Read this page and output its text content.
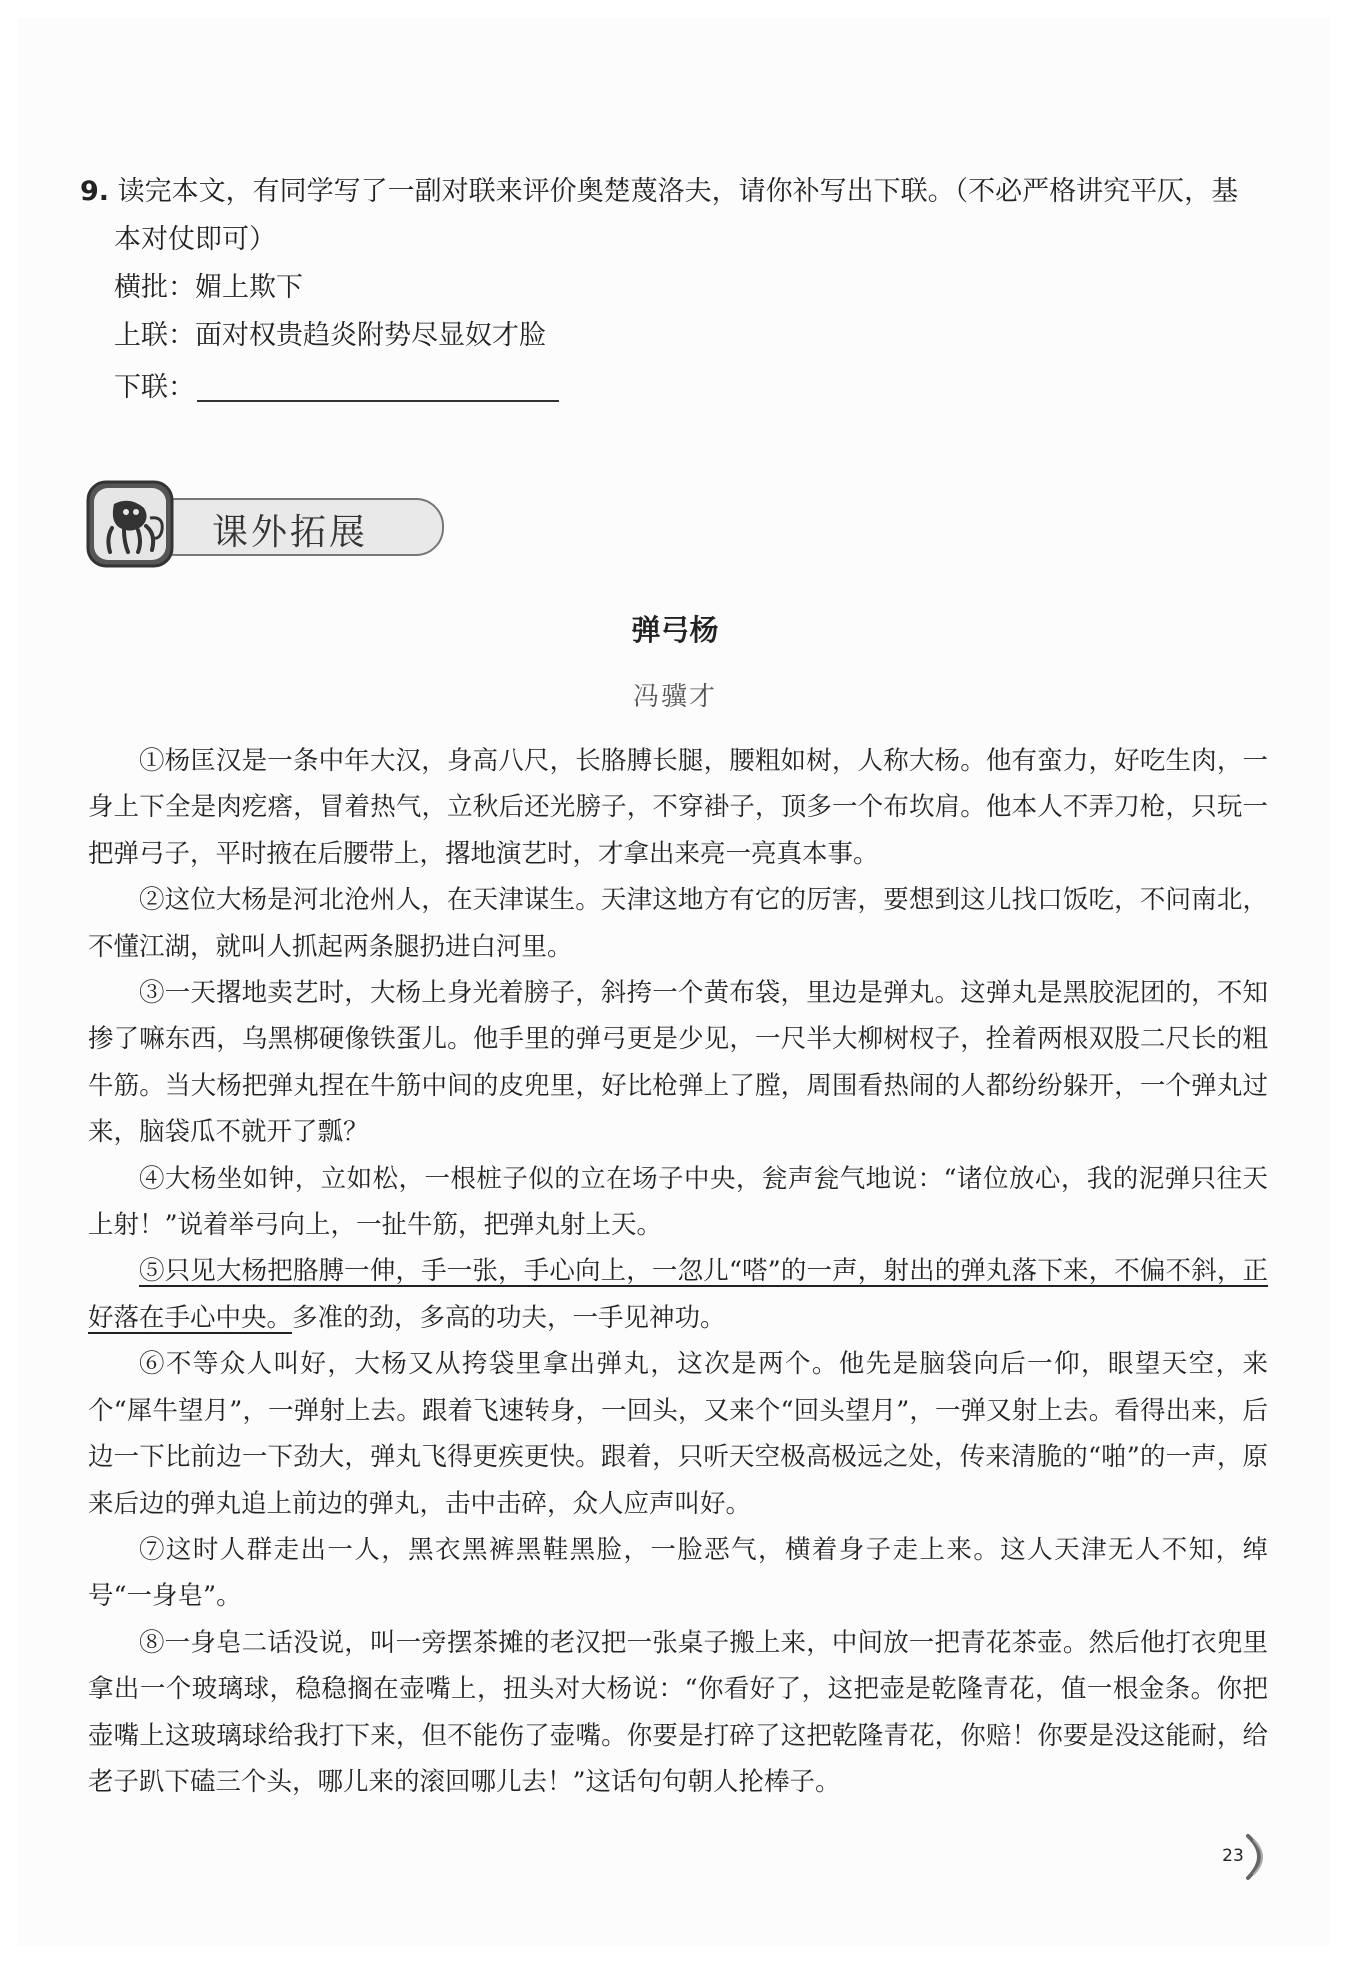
9. 读完本文，有同学写了一副对联来评价奥楚蔑洛夫，请你补写出下联。（不必严格讲究平仄，基
本对仗即可）
横批：媚上欺下
上联：面对权贵趋炎附势尽显奴才脸
下联：
课外拓展
弹弓杨
冯骥才

①杨匡汉是一条中年大汉，身高八尺，长胳膊长腿，腰粗如树，人称大杨。他有蛮力，好吃生肉，一身上下全是肉疙瘩，冒着热气，立秋后还光膀子，不穿褂子，顶多一个布坎肩。他本人不弄刀枪，只玩一把弹弓子，平时掖在后腰带上，撂地演艺时，才拿出来亮一亮真本事。

②这位大杨是河北沧州人，在天津谋生。天津这地方有它的厉害，要想到这儿找口饭吃，不问南北，不懂江湖，就叫人抓起两条腿扔进白河里。

③一天撂地卖艺时，大杨上身光着膀子，斜挎一个黄布袋，里边是弹丸。这弹丸是黑胶泥团的，不知掺了嘛东西，乌黑梆硬像铁蛋儿。他手里的弹弓更是少见，一尺半大柳树杈子，拴着两根双股二尺长的粗牛筋。当大杨把弹丸捏在牛筋中间的皮兜里，好比枪弹上了膛，周围看热闹的人都纷纷躲开，一个弹丸过来，脑袋瓜不就开了瓢？

④大杨坐如钟，立如松，一根桩子似的立在场子中央，瓮声瓮气地说：“诸位放心，我的泥弹只往天上射！”说着举弓向上，一扯牛筋，把弹丸射上天。

⑤只见大杨把胳膊一伸，手一张，手心向上，一忽儿“嗒”的一声，射出的弹丸落下来，不偏不斜，正好落在手心中央。多准的劲，多高的功夫，一手见神功。

⑥不等众人叫好，大杨又从挎袋里拿出弹丸，这次是两个。他先是脑袋向后一仰，眼望天空，来个“犀牛望月”，一弹射上去。跟着飞速转身，一回头，又来个“回头望月”，一弹又射上去。看得出来，后边一下比前边一下劲大，弹丸飞得更疾更快。跟着，只听天空极高极远之处，传来清脆的“啪”的一声，原来后边的弹丸追上前边的弹丸，击中击碎，众人应声叫好。

⑦这时人群走出一人，黑衣黑裤黑鞋黑脸，一脸恶气，横着身子走上来。这人天津无人不知，绰号“一身皂”。

⑧一身皂二话没说，叫一旁摆茶摊的老汉把一张桌子搬上来，中间放一把青花茶壶。然后他打衣兜里拿出一个玻璃球，稳稳搁在壶嘴上，扭头对大杨说：“你看好了，这把壶是乾隆青花，值一根金条。你把壶嘴上这玻璃球给我打下来，但不能伤了壶嘴。你要是打碎了这把乾隆青花，你赔！你要是没这能耐，给老子趴下磕三个头，哪儿来的滚回哪儿去！”这话句句朝人抡棒子。

23
